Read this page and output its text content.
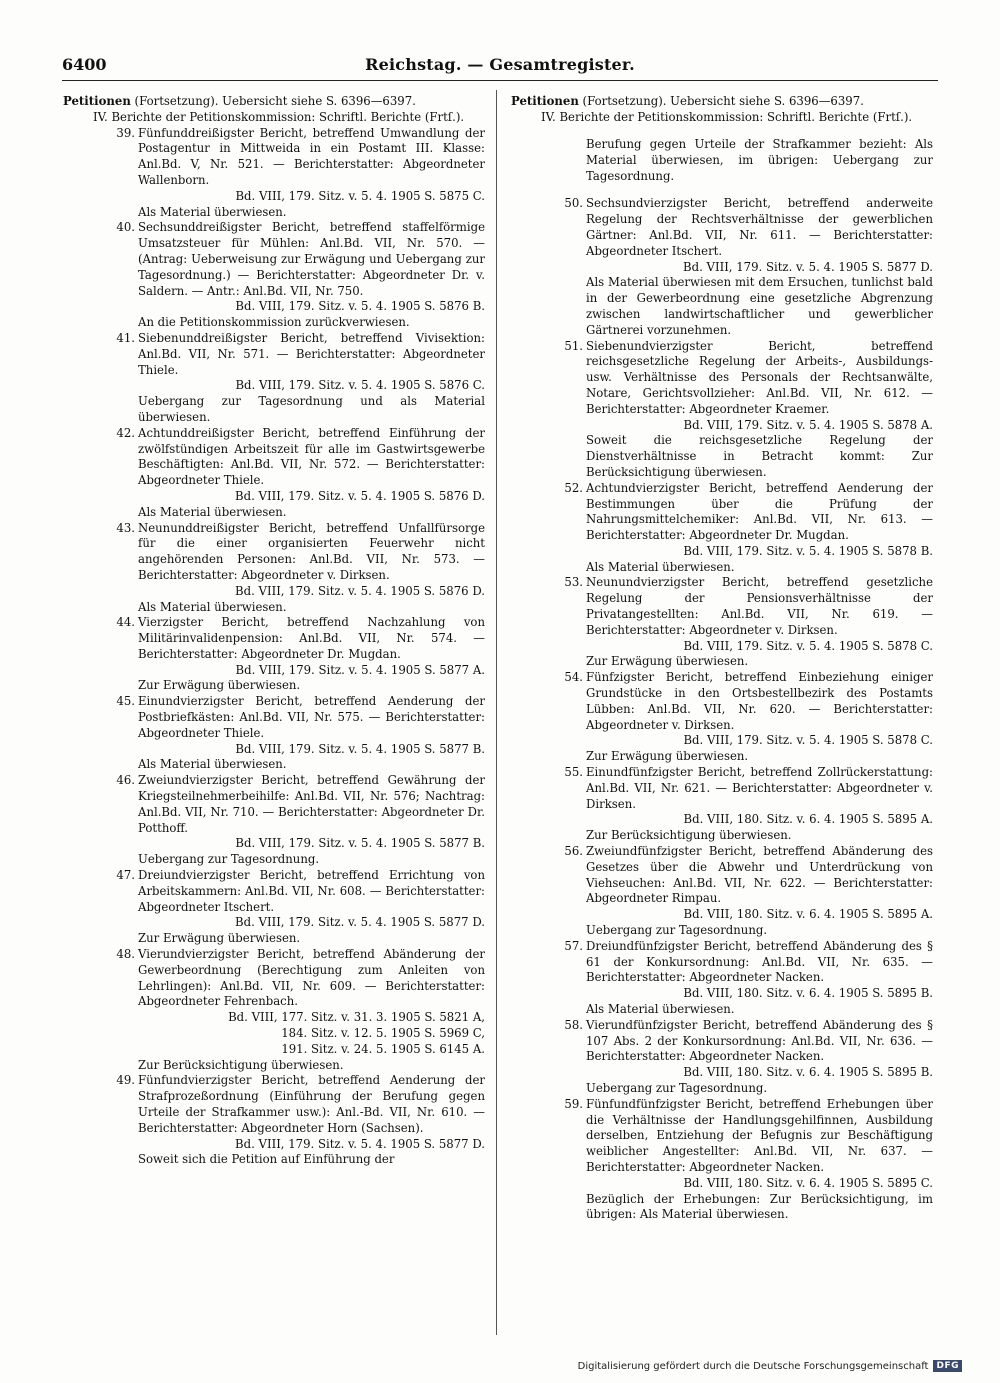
6400	Reichstag. — Gesamtregister.

Petitionen (Fortsetzung). Uebersicht siehe S. 6396—6397.

IV. Berichte der Petitionskommission: Schriftl. Berichte (Frtſ.).

39. Fünfunddreißigster Bericht, betreffend Umwandlung der Postagentur in Mittweida in ein Postamt III. Klasse: Anl.Bd. V, Nr. 521. — Berichterstatter: Abgeordneter Wallenborn.

Bd. VIII, 179. Sitz. v. 5. 4. 1905 S. 5875 C.

Als Material überwiesen.

40. Sechsunddreißigster Bericht, betreffend staffelförmige Umsatzsteuer für Mühlen: Anl.Bd. VII, Nr. 570. — (Antrag: Ueberweisung zur Erwägung und Uebergang zur Tagesordnung.) — Berichterstatter: Abgeordneter Dr. v. Saldern. — Antr.: Anl.Bd. VII, Nr. 750.

Bd. VIII, 179. Sitz. v. 5. 4. 1905 S. 5876 B.

An die Petitionskommission zurückverwiesen.

41. Siebenunddreißigster Bericht, betreffend Vivisektion: Anl.Bd. VII, Nr. 571. — Berichterstatter: Abgeordneter Thiele.

Bd. VIII, 179. Sitz. v. 5. 4. 1905 S. 5876 C.

Uebergang zur Tagesordnung und als Material überwiesen.

42. Achtunddreißigster Bericht, betreffend Einführung der zwölfstündigen Arbeitszeit für alle im Gastwirtsgewerbe Beschäftigten: Anl.Bd. VII, Nr. 572. — Berichterstatter: Abgeordneter Thiele.

Bd. VIII, 179. Sitz. v. 5. 4. 1905 S. 5876 D.

Als Material überwiesen.

43. Neununddreißigster Bericht, betreffend Unfallfürsorge für die einer organisierten Feuerwehr nicht angehörenden Personen: Anl.Bd. VII, Nr. 573. — Berichterstatter: Abgeordneter v. Dirksen.

Bd. VIII, 179. Sitz. v. 5. 4. 1905 S. 5876 D.

Als Material überwiesen.

44. Vierzigster Bericht, betreffend Nachzahlung von Militärinvalidenpension: Anl.Bd. VII, Nr. 574. — Berichterstatter: Abgeordneter Dr. Mugdan.

Bd. VIII, 179. Sitz. v. 5. 4. 1905 S. 5877 A.

Zur Erwägung überwiesen.

45. Einundvierzigster Bericht, betreffend Aenderung der Postbriefkästen: Anl.Bd. VII, Nr. 575. — Berichterstatter: Abgeordneter Thiele.

Bd. VIII, 179. Sitz. v. 5. 4. 1905 S. 5877 B.

Als Material überwiesen.

46. Zweiundvierzigster Bericht, betreffend Gewährung der Kriegsteilnehmerbeihilfe: Anl.Bd. VII, Nr. 576; Nachtrag: Anl.Bd. VII, Nr. 710. — Berichterstatter: Abgeordneter Dr. Potthoff.

Bd. VIII, 179. Sitz. v. 5. 4. 1905 S. 5877 B.

Uebergang zur Tagesordnung.

47. Dreiundvierzigster Bericht, betreffend Errichtung von Arbeitskammern: Anl.Bd. VII, Nr. 608. — Berichterstatter: Abgeordneter Itschert.

Bd. VIII, 179. Sitz. v. 5. 4. 1905 S. 5877 D.

Zur Erwägung überwiesen.

48. Vierundvierzigster Bericht, betreffend Abänderung der Gewerbeordnung (Berechtigung zum Anleiten von Lehrlingen): Anl.Bd. VII, Nr. 609. — Berichterstatter: Abgeordneter Fehrenbach.

Bd. VIII, 177. Sitz. v. 31. 3. 1905 S. 5821 A,

184. Sitz. v. 12. 5. 1905 S. 5969 C,

191. Sitz. v. 24. 5. 1905 S. 6145 A.

Zur Berücksichtigung überwiesen.

49. Fünfundvierzigster Bericht, betreffend Aenderung der Strafprozeßordnung (Einführung der Berufung gegen Urteile der Strafkammer usw.): Anl.-Bd. VII, Nr. 610. — Berichterstatter: Abgeordneter Horn (Sachsen).

Bd. VIII, 179. Sitz. v. 5. 4. 1905 S. 5877 D.

Soweit sich die Petition auf Einführung der

Petitionen (Fortsetzung). Uebersicht siehe S. 6396—6397.

IV. Berichte der Petitionskommission: Schriftl. Berichte (Frtſ.).

Berufung gegen Urteile der Strafkammer bezieht: Als Material überwiesen, im übrigen: Uebergang zur Tagesordnung.

50. Sechsundvierzigster Bericht, betreffend anderweite Regelung der Rechtsverhältnisse der gewerblichen Gärtner: Anl.Bd. VII, Nr. 611. — Berichterstatter: Abgeordneter Itschert.

Bd. VIII, 179. Sitz. v. 5. 4. 1905 S. 5877 D.

Als Material überwiesen mit dem Ersuchen, tunlichst bald in der Gewerbeordnung eine gesetzliche Abgrenzung zwischen landwirtschaftlicher und gewerblicher Gärtnerei vorzunehmen.

51. Siebenundvierzigster Bericht, betreffend reichsgesetzliche Regelung der Arbeits-, Ausbildungs- usw. Verhältnisse des Personals der Rechtsanwälte, Notare, Gerichtsvollzieher: Anl.Bd. VII, Nr. 612. — Berichterstatter: Abgeordneter Kraemer.

Bd. VIII, 179. Sitz. v. 5. 4. 1905 S. 5878 A.

Soweit die reichsgesetzliche Regelung der Dienstverhältnisse in Betracht kommt: Zur Berücksichtigung überwiesen.

52. Achtundvierzigster Bericht, betreffend Aenderung der Bestimmungen über die Prüfung der Nahrungsmittelchemiker: Anl.Bd. VII, Nr. 613. — Berichterstatter: Abgeordneter Dr. Mugdan.

Bd. VIII, 179. Sitz. v. 5. 4. 1905 S. 5878 B.

Als Material überwiesen.

53. Neunundvierzigster Bericht, betreffend gesetzliche Regelung der Pensionsverhältnisse der Privatangestellten: Anl.Bd. VII, Nr. 619. — Berichterstatter: Abgeordneter v. Dirksen.

Bd. VIII, 179. Sitz. v. 5. 4. 1905 S. 5878 C.

Zur Erwägung überwiesen.

54. Fünfzigster Bericht, betreffend Einbeziehung einiger Grundstücke in den Ortsbestellbezirk des Postamts Lübben: Anl.Bd. VII, Nr. 620. — Berichterstatter: Abgeordneter v. Dirksen.

Bd. VIII, 179. Sitz. v. 5. 4. 1905 S. 5878 C.

Zur Erwägung überwiesen.

55. Einundfünfzigster Bericht, betreffend Zollrückerstattung: Anl.Bd. VII, Nr. 621. — Berichterstatter: Abgeordneter v. Dirksen.

Bd. VIII, 180. Sitz. v. 6. 4. 1905 S. 5895 A.

Zur Berücksichtigung überwiesen.

56. Zweiundfünfzigster Bericht, betreffend Abänderung des Gesetzes über die Abwehr und Unterdrückung von Viehseuchen: Anl.Bd. VII, Nr. 622. — Berichterstatter: Abgeordneter Rimpau.

Bd. VIII, 180. Sitz. v. 6. 4. 1905 S. 5895 A.

Uebergang zur Tagesordnung.

57. Dreiundfünfzigster Bericht, betreffend Abänderung des § 61 der Konkursordnung: Anl.Bd. VII, Nr. 635. — Berichterstatter: Abgeordneter Nacken.

Bd. VIII, 180. Sitz. v. 6. 4. 1905 S. 5895 B.

Als Material überwiesen.

58. Vierundfünfzigster Bericht, betreffend Abänderung des § 107 Abs. 2 der Konkursordnung: Anl.Bd. VII, Nr. 636. — Berichterstatter: Abgeordneter Nacken.

Bd. VIII, 180. Sitz. v. 6. 4. 1905 S. 5895 B.

Uebergang zur Tagesordnung.

59. Fünfundfünfzigster Bericht, betreffend Erhebungen über die Verhältnisse der Handlungsgehilfinnen, Ausbildung derselben, Entziehung der Befugnis zur Beschäftigung weiblicher Angestellter: Anl.Bd. VII, Nr. 637. — Berichterstatter: Abgeordneter Nacken.

Bd. VIII, 180. Sitz. v. 6. 4. 1905 S. 5895 C.

Bezüglich der Erhebungen: Zur Berücksichtigung, im übrigen: Als Material überwiesen.

Digitalisierung gefördert durch die Deutsche Forschungsgemeinschaft DFG
